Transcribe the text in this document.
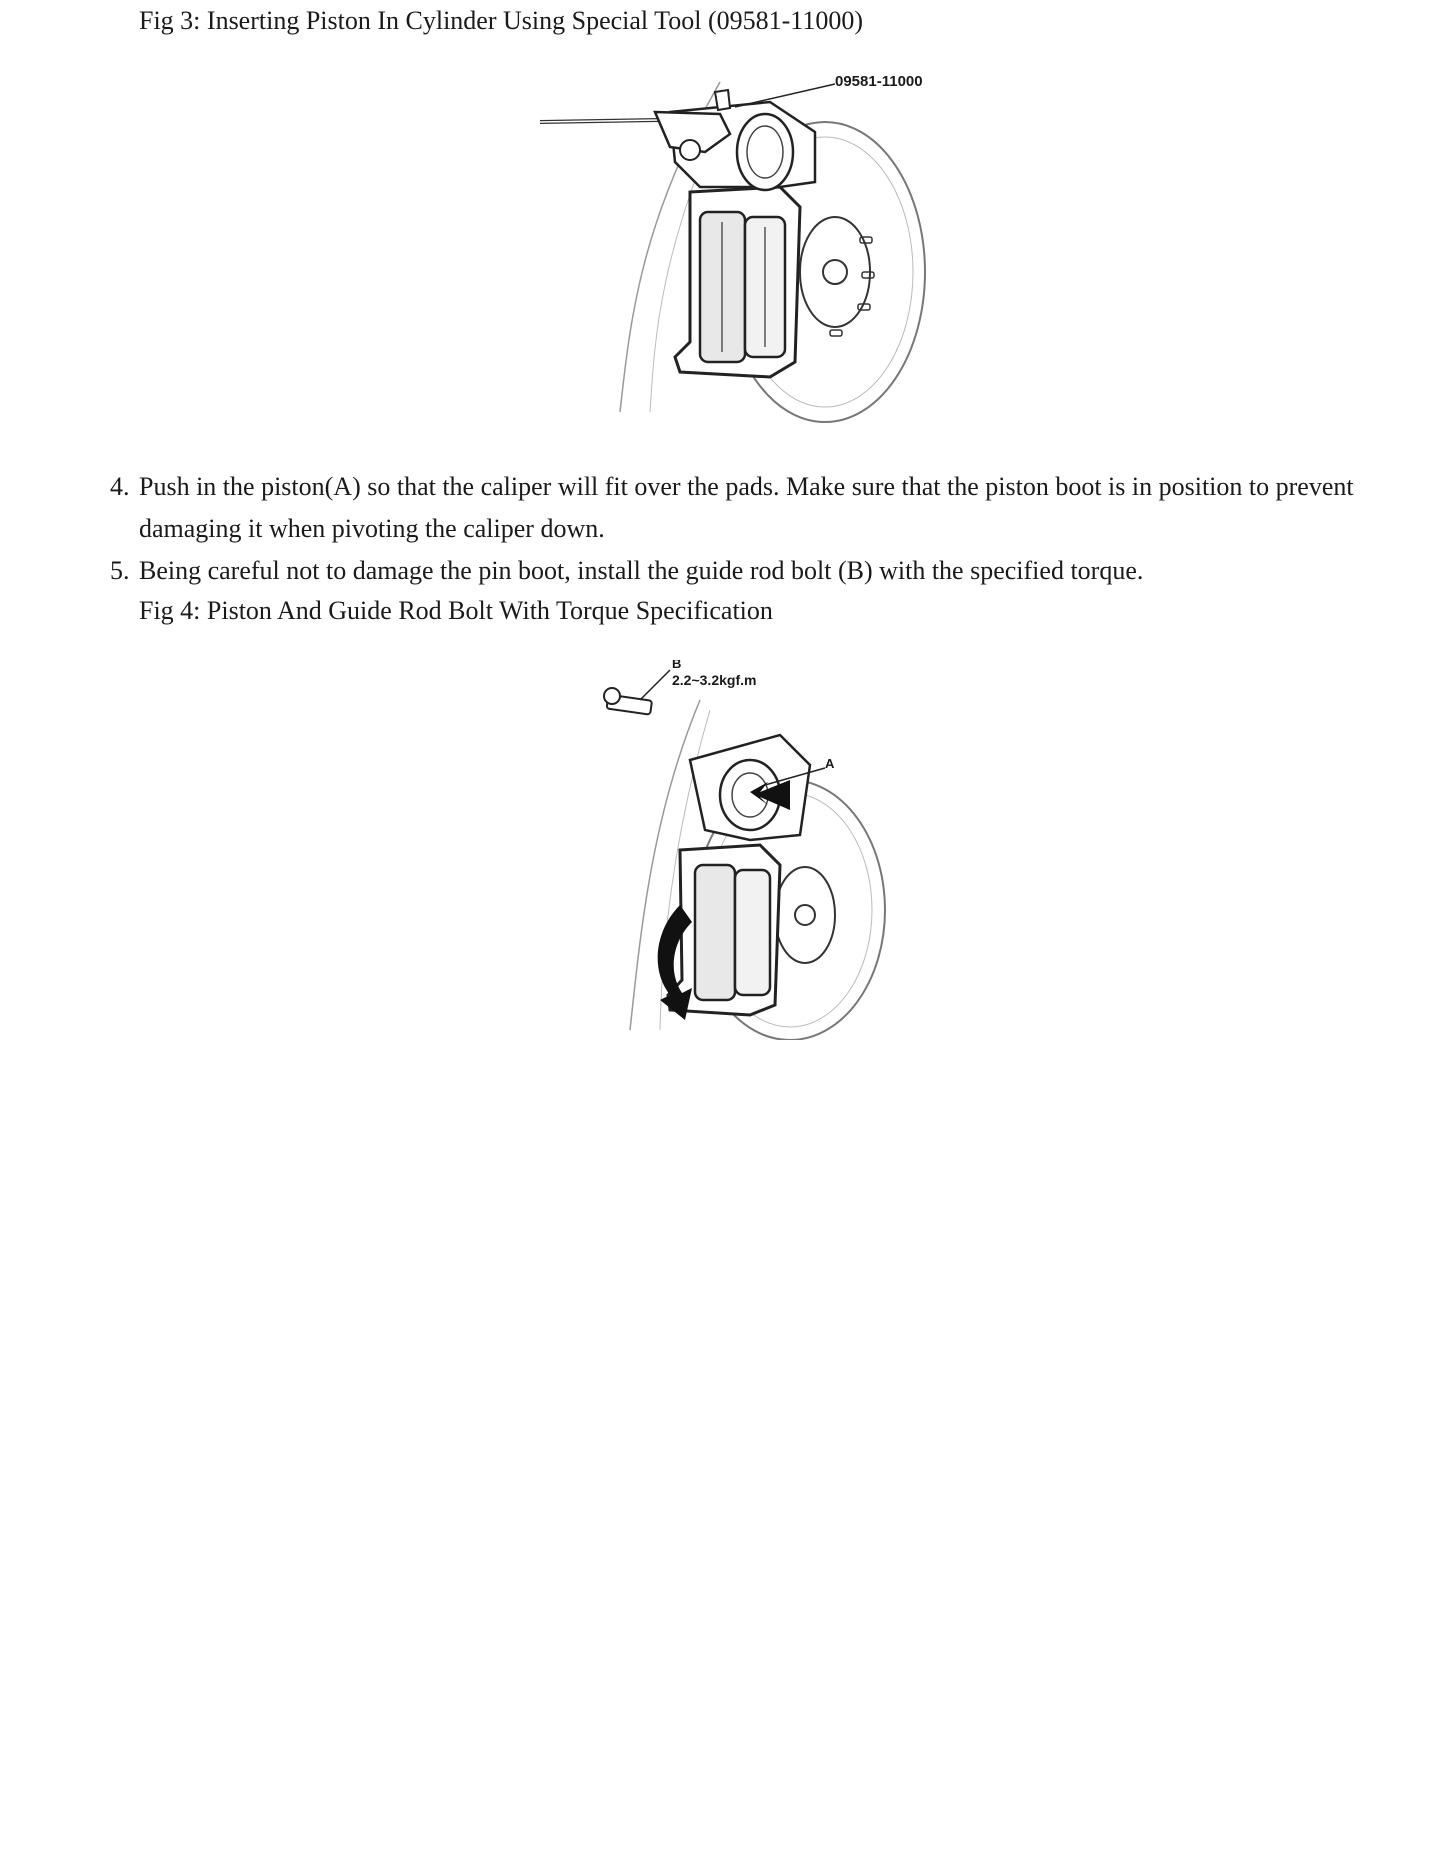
Fig 3: Inserting Piston In Cylinder Using Special Tool (09581-11000)
09581-11000
4. Push in the piston(A) so that the caliper will fit over the pads. Make sure that the piston boot is in position to prevent damaging it when pivoting the caliper down.
5. Being careful not to damage the pin boot, install the guide rod bolt (B) with the specified torque.
Fig 4: Piston And Guide Rod Bolt With Torque Specification
B
2.2~3.2kgf.m
A
